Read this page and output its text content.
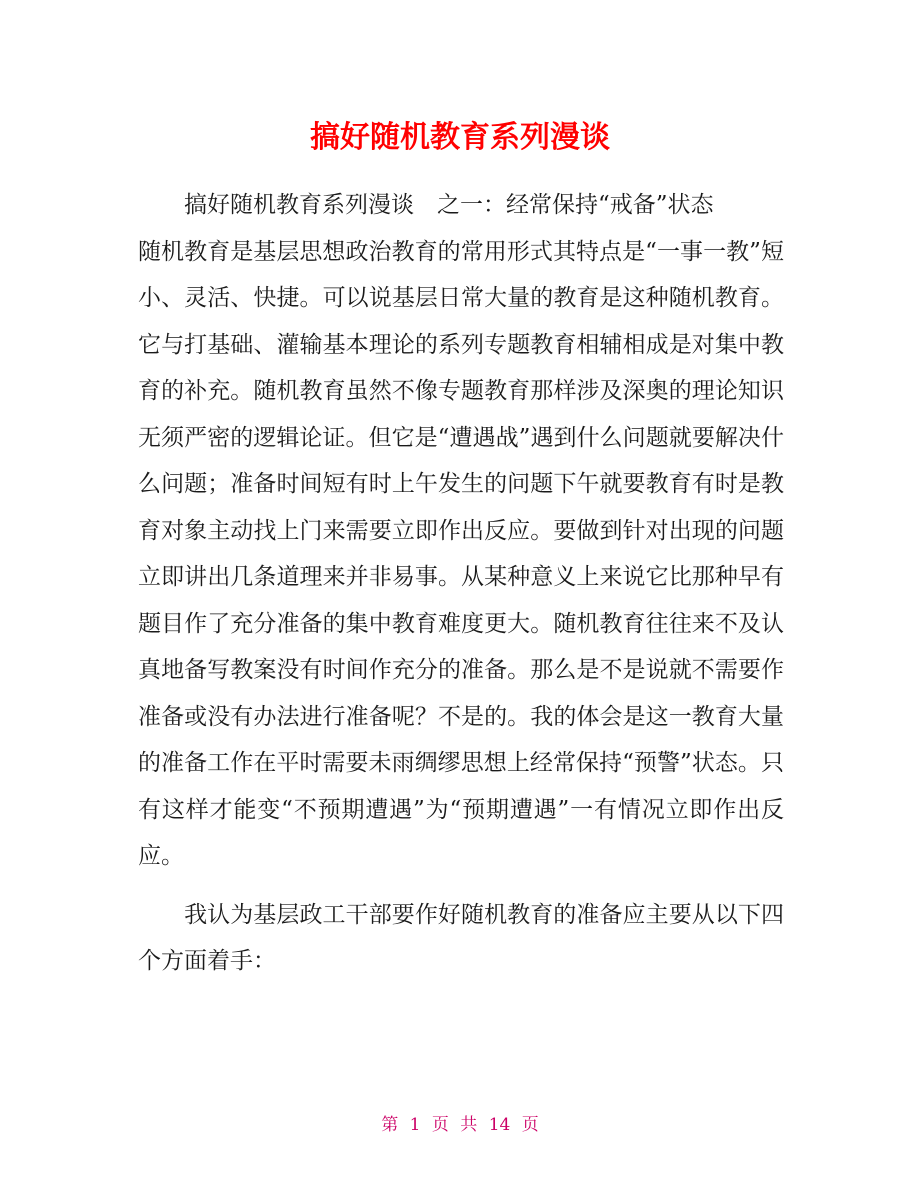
搞好随机教育系列漫谈

搞好随机教育系列漫谈　之一：经常保持“戒备”状态

随机教育是基层思想政治教育的常用形式其特点是“一事一教”短小、灵活、快捷。可以说基层日常大量的教育是这种随机教育。它与打基础、灌输基本理论的系列专题教育相辅相成是对集中教育的补充。随机教育虽然不像专题教育那样涉及深奥的理论知识无须严密的逻辑论证。但它是“遭遇战”遇到什么问题就要解决什么问题；准备时间短有时上午发生的问题下午就要教育有时是教育对象主动找上门来需要立即作出反应。要做到针对出现的问题立即讲出几条道理来并非易事。从某种意义上来说它比那种早有题目作了充分准备的集中教育难度更大。随机教育往往来不及认真地备写教案没有时间作充分的准备。那么是不是说就不需要作准备或没有办法进行准备呢？不是的。我的体会是这一教育大量的准备工作在平时需要未雨绸缪思想上经常保持“预警”状态。只有这样才能变“不预期遭遇”为“预期遭遇”一有情况立即作出反应。

我认为基层政工干部要作好随机教育的准备应主要从以下四个方面着手：

第 1 页 共 14 页
